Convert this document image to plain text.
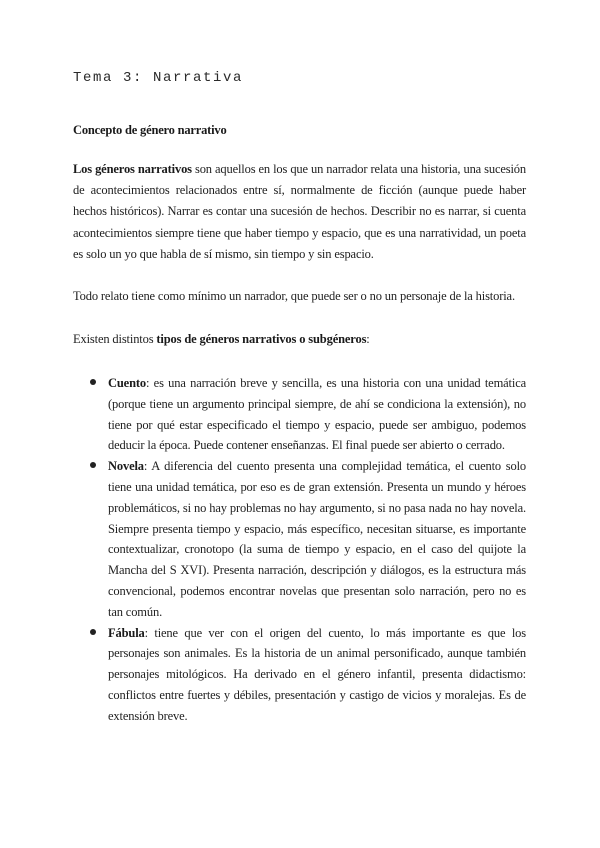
Tema 3: Narrativa
Concepto de género narrativo

Los géneros narrativos son aquellos en los que un narrador relata una historia, una sucesión de acontecimientos relacionados entre sí, normalmente de ficción (aunque puede haber hechos históricos). Narrar es contar una sucesión de hechos. Describir no es narrar, si cuenta acontecimientos siempre tiene que haber tiempo y espacio, que es una narratividad, un poeta es solo un yo que habla de sí mismo, sin tiempo y sin espacio.

Todo relato tiene como mínimo un narrador, que puede ser o no un personaje de la historia.

Existen distintos tipos de géneros narrativos o subgéneros:

Cuento: es una narración breve y sencilla, es una historia con una unidad temática (porque tiene un argumento principal siempre, de ahí se condiciona la extensión), no tiene por qué estar especificado el tiempo y espacio, puede ser ambiguo, podemos deducir la época. Puede contener enseñanzas. El final puede ser abierto o cerrado.
Novela: A diferencia del cuento presenta una complejidad temática, el cuento solo tiene una unidad temática, por eso es de gran extensión. Presenta un mundo y héroes problemáticos, si no hay problemas no hay argumento, si no pasa nada no hay novela. Siempre presenta tiempo y espacio, más específico, necesitan situarse, es importante contextualizar, cronotopo (la suma de tiempo y espacio, en el caso del quijote la Mancha del S XVI). Presenta narración, descripción y diálogos, es la estructura más convencional, podemos encontrar novelas que presentan solo narración, pero no es tan común.
Fábula: tiene que ver con el origen del cuento, lo más importante es que los personajes son animales. Es la historia de un animal personificado, aunque también personajes mitológicos. Ha derivado en el género infantil, presenta didactismo: conflictos entre fuertes y débiles, presentación y castigo de vicios y moralejas. Es de extensión breve.
